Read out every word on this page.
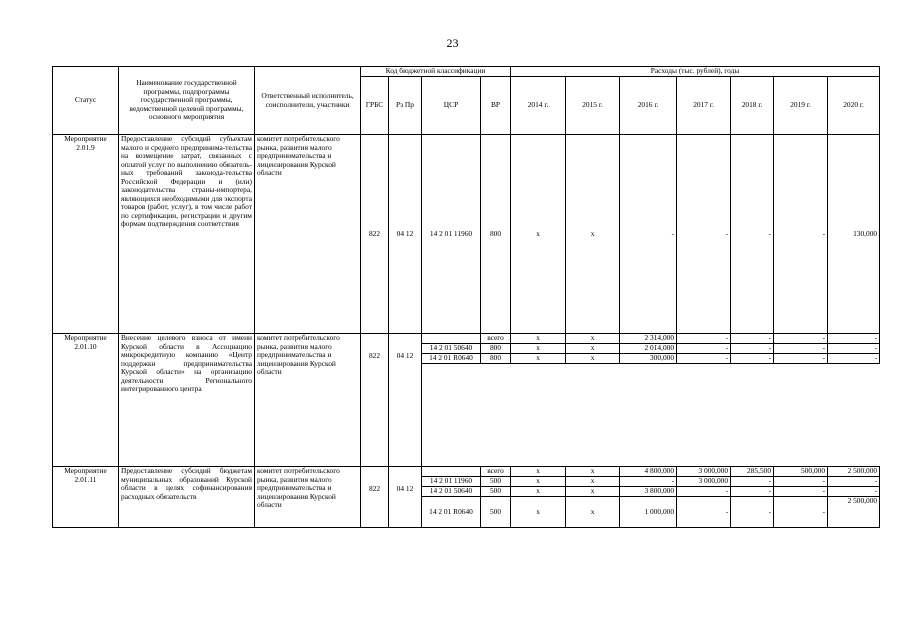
23
Статус	Наименование государственной программы, подпрограммы государственной программы, ведомственной целевой программы, основного мероприятия	Ответственный исполнитель, соисполнители, участники	Код бюджетной классификации				Расходы (тыс. рублей), годы						
			ГРБС	Рз Пр	ЦСР	ВР	2014 г.	2015 г.	2016 г.	2017 г.	2018 г.	2019 г.	2020 г.
Мероприятие 2.01.9	Предоставление субсидий субъектам малого и среднего предпринима-тельства на возмещение затрат, связанных с оплатой услуг по выполнению обязатель-ных требований законода-тельства Российской Федерации и (или) законодательства страны-импортера, являющихся необходимыми для экспорта товаров (работ, услуг), в том числе работ по сертификации, регистрации и другим формам подтверждения соответствия	комитет потребительского рынка, развития малого предпринимательства и лицензирования Курской области	822	04 12	14 2 01 11960	800	х	х	-	-	-	-	130,000
Мероприятие 2.01.10	Внесение целевого взноса от имени Курской области в Ассоциацию микрокредитную компанию «Центр поддержки предпринимательства Курской области» на организацию деятельности Регионального интегрированного центра	комитет потребительского рынка, развития малого предпринимательства и лицензирования Курской области	822	04 12		всего	х	х	2 314,000	-	-	-	-
					14 2 01 50640	800	х	х	2 014,000	-	-	-	-
					14 2 01 R0640	800	х	х	300,000	-	-	-	-

Мероприятие 2.01.11	Предоставление субсидий бюджетам муниципальных образований Курской области в целях софинансирования расходных обязательств	комитет потребительского рынка, развития малого предпринимательства и лицензирования Курской области	822	04 12		всего	х	х	4 800,000	3 000,000	285,500	500,000	2 500,000
					14 2 01 11960	500	х	х	-	3 000,000	-	-	-
					14 2 01 50640	500	х	х	3 800,000	-	-	-	-
					14 2 01 R0640	500	х	х	1 000,000	-	-	-	2 500,000
